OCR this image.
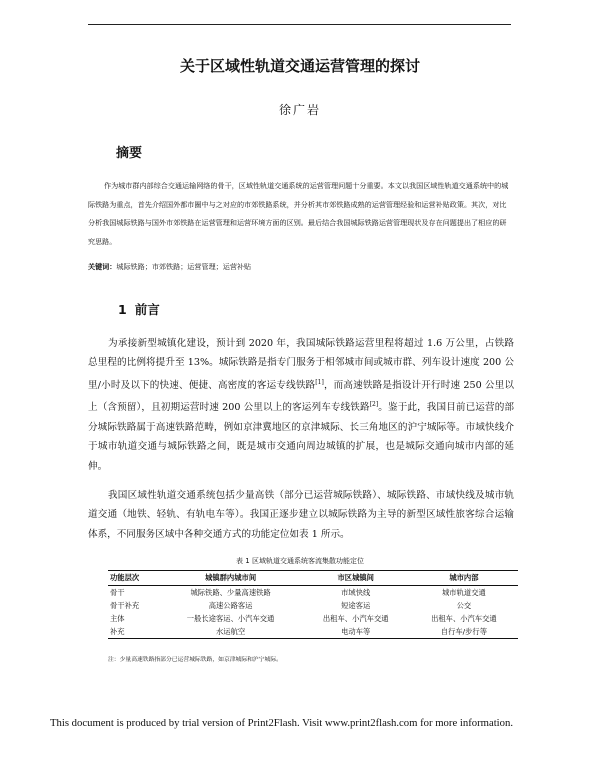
关于区域性轨道交通运营管理的探讨
徐广岩
摘要

作为城市群内部综合交通运输网络的骨干，区域性轨道交通系统的运营管理问题十分重要。本文以我国区域性轨道交通系统中的城际铁路为重点，首先介绍国外都市圈中与之对应的市郊铁路系统，并分析其市郊铁路成熟的运营管理经验和运营补贴政策。其次，对比分析我国城际铁路与国外市郊铁路在运营管理和运营环境方面的区别。最后结合我国城际铁路运营管理现状及存在问题提出了相应的研究思路。

关键词：城际铁路；市郊铁路；运营管理；运营补贴
1 前言

为承接新型城镇化建设，预计到 2020 年，我国城际铁路运营里程将超过 1.6 万公里，占铁路总里程的比例将提升至 13%。城际铁路是指专门服务于相邻城市间或城市群、列车设计速度 200 公里/小时及以下的快速、便捷、高密度的客运专线铁路[1]，而高速铁路是指设计开行时速 250 公里以上（含预留），且初期运营时速 200 公里以上的客运列车专线铁路[2]。鉴于此，我国目前已运营的部分城际铁路属于高速铁路范畴，例如京津冀地区的京津城际、长三角地区的沪宁城际等。市域快线介于城市轨道交通与城际铁路之间，既是城市交通向周边城镇的扩展，也是城际交通向城市内部的延伸。

我国区域性轨道交通系统包括少量高铁（部分已运营城际铁路）、城际铁路、市域快线及城市轨道交通（地铁、轻轨、有轨电车等）。我国正逐步建立以城际铁路为主导的新型区域性旅客综合运输体系，不同服务区域中各种交通方式的功能定位如表 1 所示。

表 1 区域轨道交通系统客流集散功能定位
功能层次	城镇群内城市间	市区城镇间	城市内部
骨干	城际铁路、少量高速铁路	市域快线	城市轨道交通
骨干补充	高速公路客运	短途客运	公交
主体	一般长途客运、小汽车交通	出租车、小汽车交通	出租车、小汽车交通
补充	水运航空	电动车等	自行车/步行等
注：少量高速铁路指部分已运营城际铁路，如京津城际和沪宁城际。
This document is produced by trial version of Print2Flash. Visit www.print2flash.com for more information.
